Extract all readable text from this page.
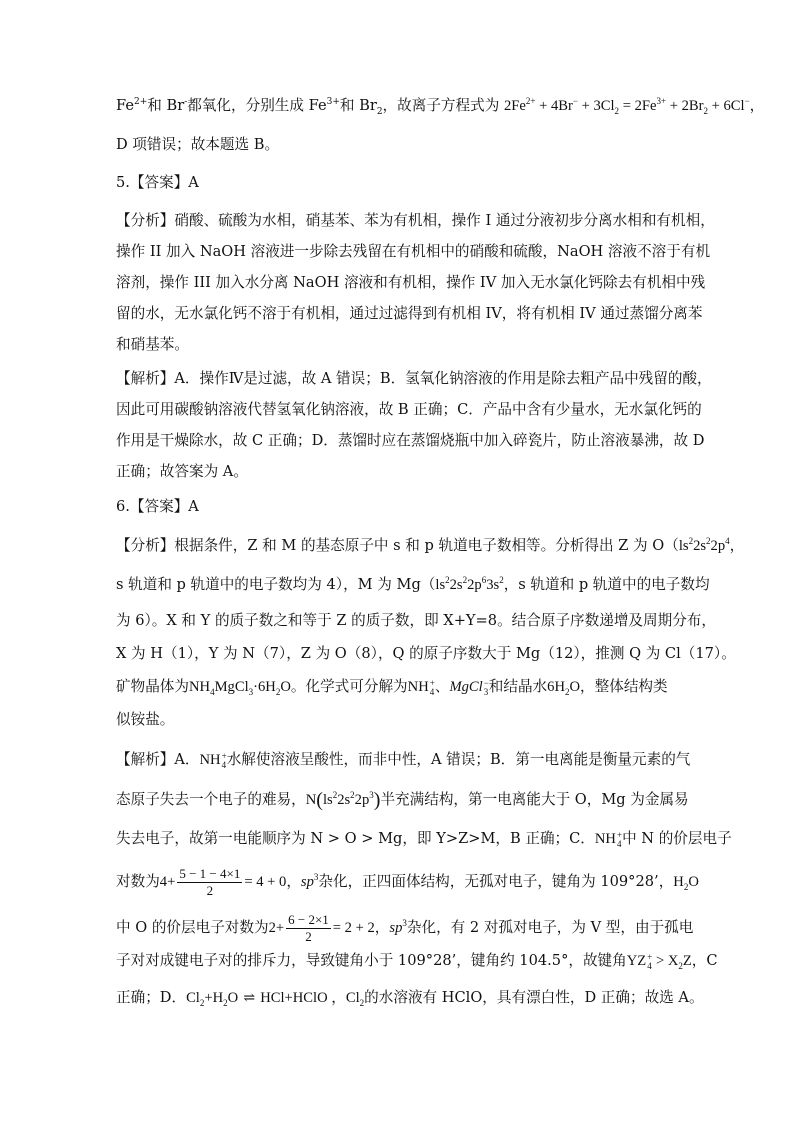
$Fe^{2+}$和 Br-都氧化，分别生成 $Fe^{3+}$和 $Br_2$，故离子方程式为 $2Fe^{2+} + 4Br^- + 3Cl_2 = 2Fe^{3+} + 2Br_2 + 6Cl^-$，
D 项错误；故本题选 B。
5.【答案】A
【分析】硝酸、硫酸为水相，硝基苯、苯为有机相，操作 I 通过分液初步分离水相和有机相，
操作 II 加入 NaOH 溶液进一步除去残留在有机相中的硝酸和硫酸，NaOH 溶液不溶于有机
溶剂，操作 III 加入水分离 NaOH 溶液和有机相，操作 IV 加入无水氯化钙除去有机相中残
留的水，无水氯化钙不溶于有机相，通过过滤得到有机相 IV，将有机相 IV 通过蒸馏分离苯
和硝基苯。
【解析】A．操作Ⅳ是过滤，故 A 错误；B．氢氧化钠溶液的作用是除去粗产品中残留的酸，
因此可用碳酸钠溶液代替氢氧化钠溶液，故 B 正确；C．产品中含有少量水，无水氯化钙的
作用是干燥除水，故 C 正确；D．蒸馏时应在蒸馏烧瓶中加入碎瓷片，防止溶液暴沸，故 D
正确；故答案为 A。
6.【答案】A
【分析】根据条件，Z 和 M 的基态原子中 s 和 p 轨道电子数相等。分析得出 Z 为 $O(ls^22s^22p^4$，
s 轨道和 p 轨道中的电子数均为 4），M 为 $Mg(ls^22s^22p^63s^2$，s 轨道和 p 轨道中的电子数均
为 6）。X 和 Y 的质子数之和等于 Z 的质子数，即 X+Y=8。结合原子序数递增及周期分布，
X 为 H（1），Y 为 N（7），Z 为 O（8），Q 的原子序数大于 Mg（12），推测 Q 为 Cl（17）。
矿物晶体为$NH_4MgCl_3\cdot 6H_2O$。化学式可分解为NH +
4 、MgCl −
3 和结晶水$6H_2O$，整体结构类
似铵盐。
【解析】A．NH +
4 水解使溶液呈酸性，而非中性，A 错误；B．第一电离能是衡量元素的气
态原子失去一个电子的难易，$N(ls^22s^22p^3)$半充满结构，第一电离能大于 O，Mg 为金属易
失去电子，故第一电能顺序为 N > O > Mg，即 Y>Z>M，B 正确；C．NH +
4 中 N 的价层电子
对数为$4+ \frac{5 - 1 - 4\times 1}{2} = 4 + 0$，$sp^3$杂化，正四面体结构，无孤对电子，键角为 109°28’，$H_2O$
中 O 的价层电子对数为$2+ \frac{6 - 2\times 1}{2} = 2 + 2$，$sp^3$杂化，有 2 对孤对电子，为 V 型，由于孤电
子对对成键电子对的排斥力，导致键角小于 109°28’，键角约 104.5°，故键角YZ +
$4 > X_2Z$，C
正确；D．$Cl_2+H_2O$ ⇌ HCl+HClO ，$Cl_2$的水溶液有 HClO，具有漂白性，D 正确；故选 A。
